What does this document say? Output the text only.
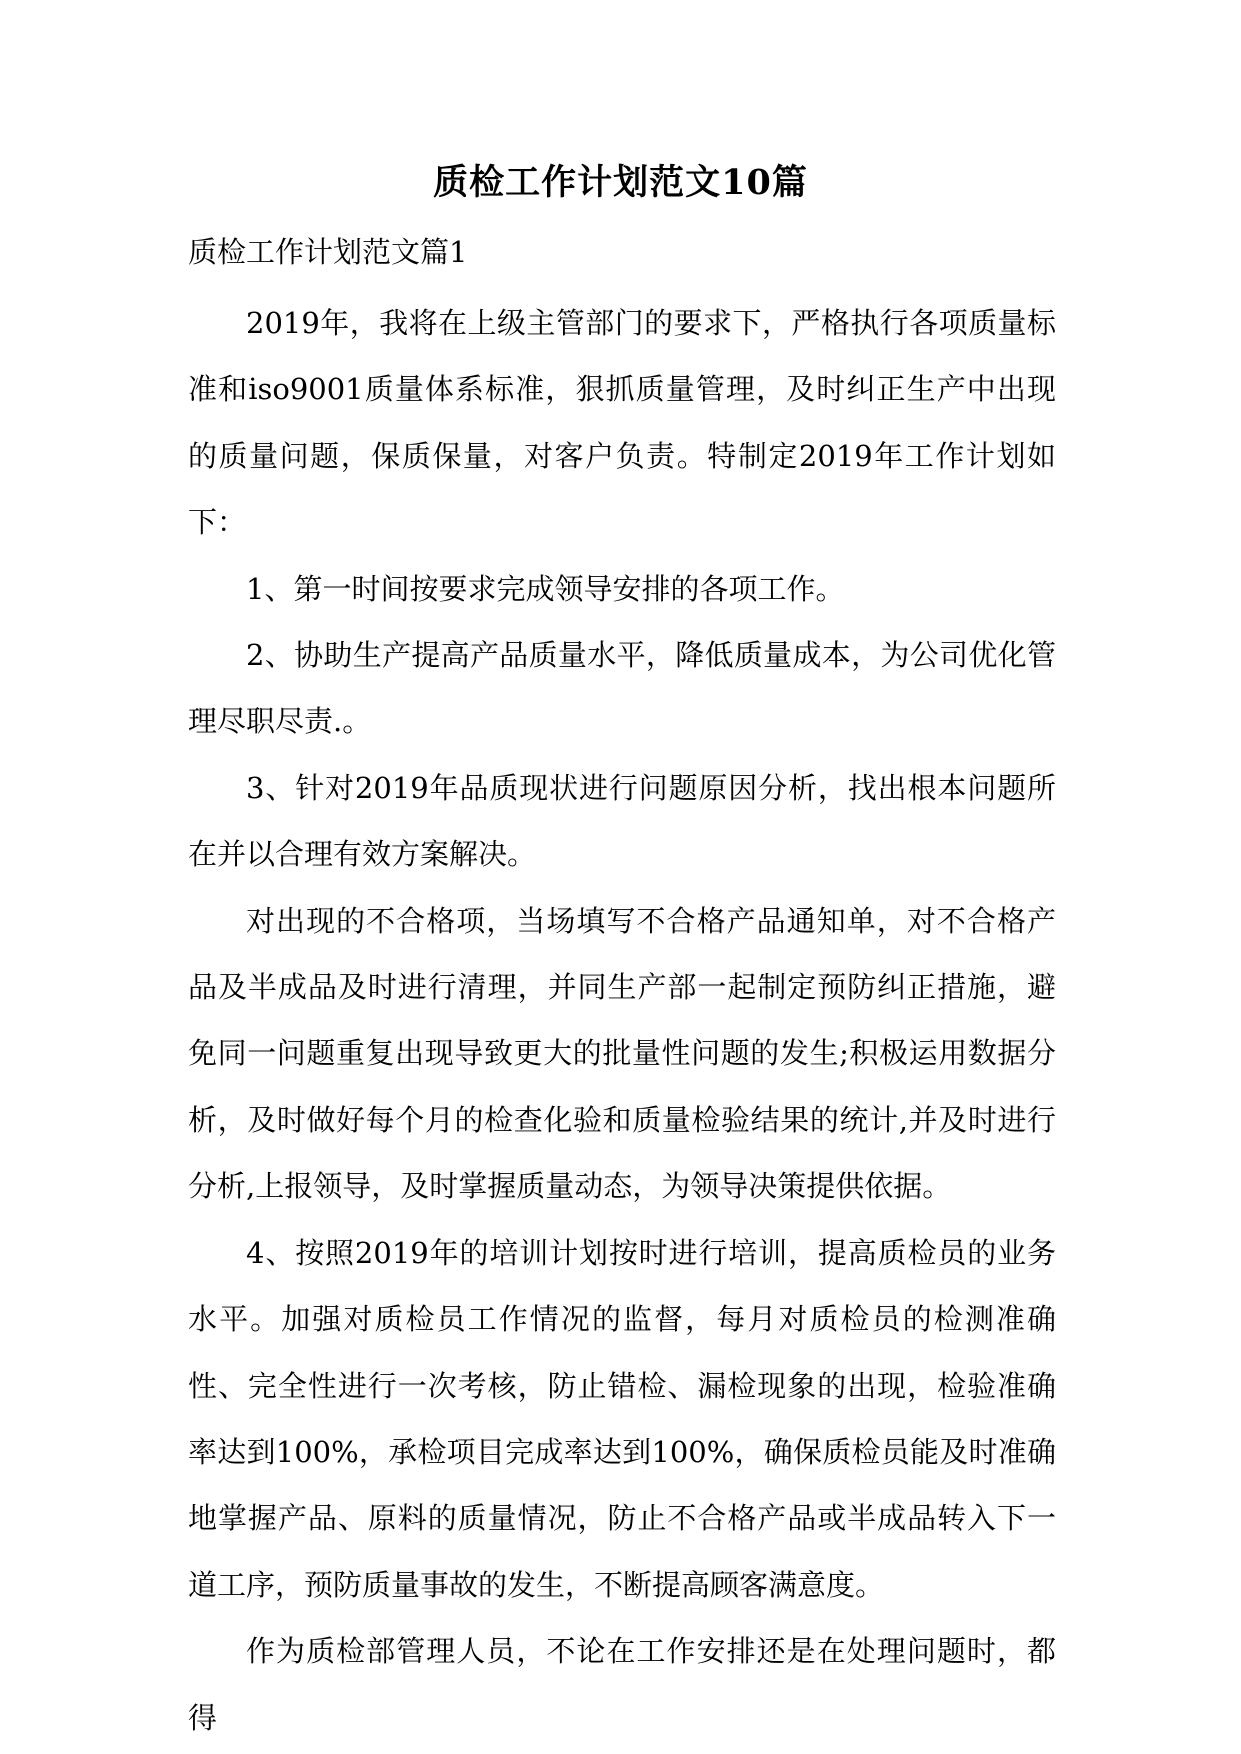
质检工作计划范文10篇
质检工作计划范文篇1

2019年，我将在上级主管部门的要求下，严格执行各项质量标准和iso9001质量体系标准，狠抓质量管理，及时纠正生产中出现的质量问题，保质保量，对客户负责。特制定2019年工作计划如下：

1、第一时间按要求完成领导安排的各项工作。

2、协助生产提高产品质量水平，降低质量成本，为公司优化管理尽职尽责.。

3、针对2019年品质现状进行问题原因分析，找出根本问题所在并以合理有效方案解决。

对出现的不合格项，当场填写不合格产品通知单，对不合格产品及半成品及时进行清理，并同生产部一起制定预防纠正措施，避免同一问题重复出现导致更大的批量性问题的发生;积极运用数据分析，及时做好每个月的检查化验和质量检验结果的统计,并及时进行分析,上报领导，及时掌握质量动态，为领导决策提供依据。

4、按照2019年的培训计划按时进行培训，提高质检员的业务水平。加强对质检员工作情况的监督，每月对质检员的检测准确性、完全性进行一次考核，防止错检、漏检现象的出现，检验准确率达到100%，承检项目完成率达到100%，确保质检员能及时准确地掌握产品、原料的质量情况，防止不合格产品或半成品转入下一道工序，预防质量事故的发生，不断提高顾客满意度。

作为质检部管理人员，不论在工作安排还是在处理问题时，都得
